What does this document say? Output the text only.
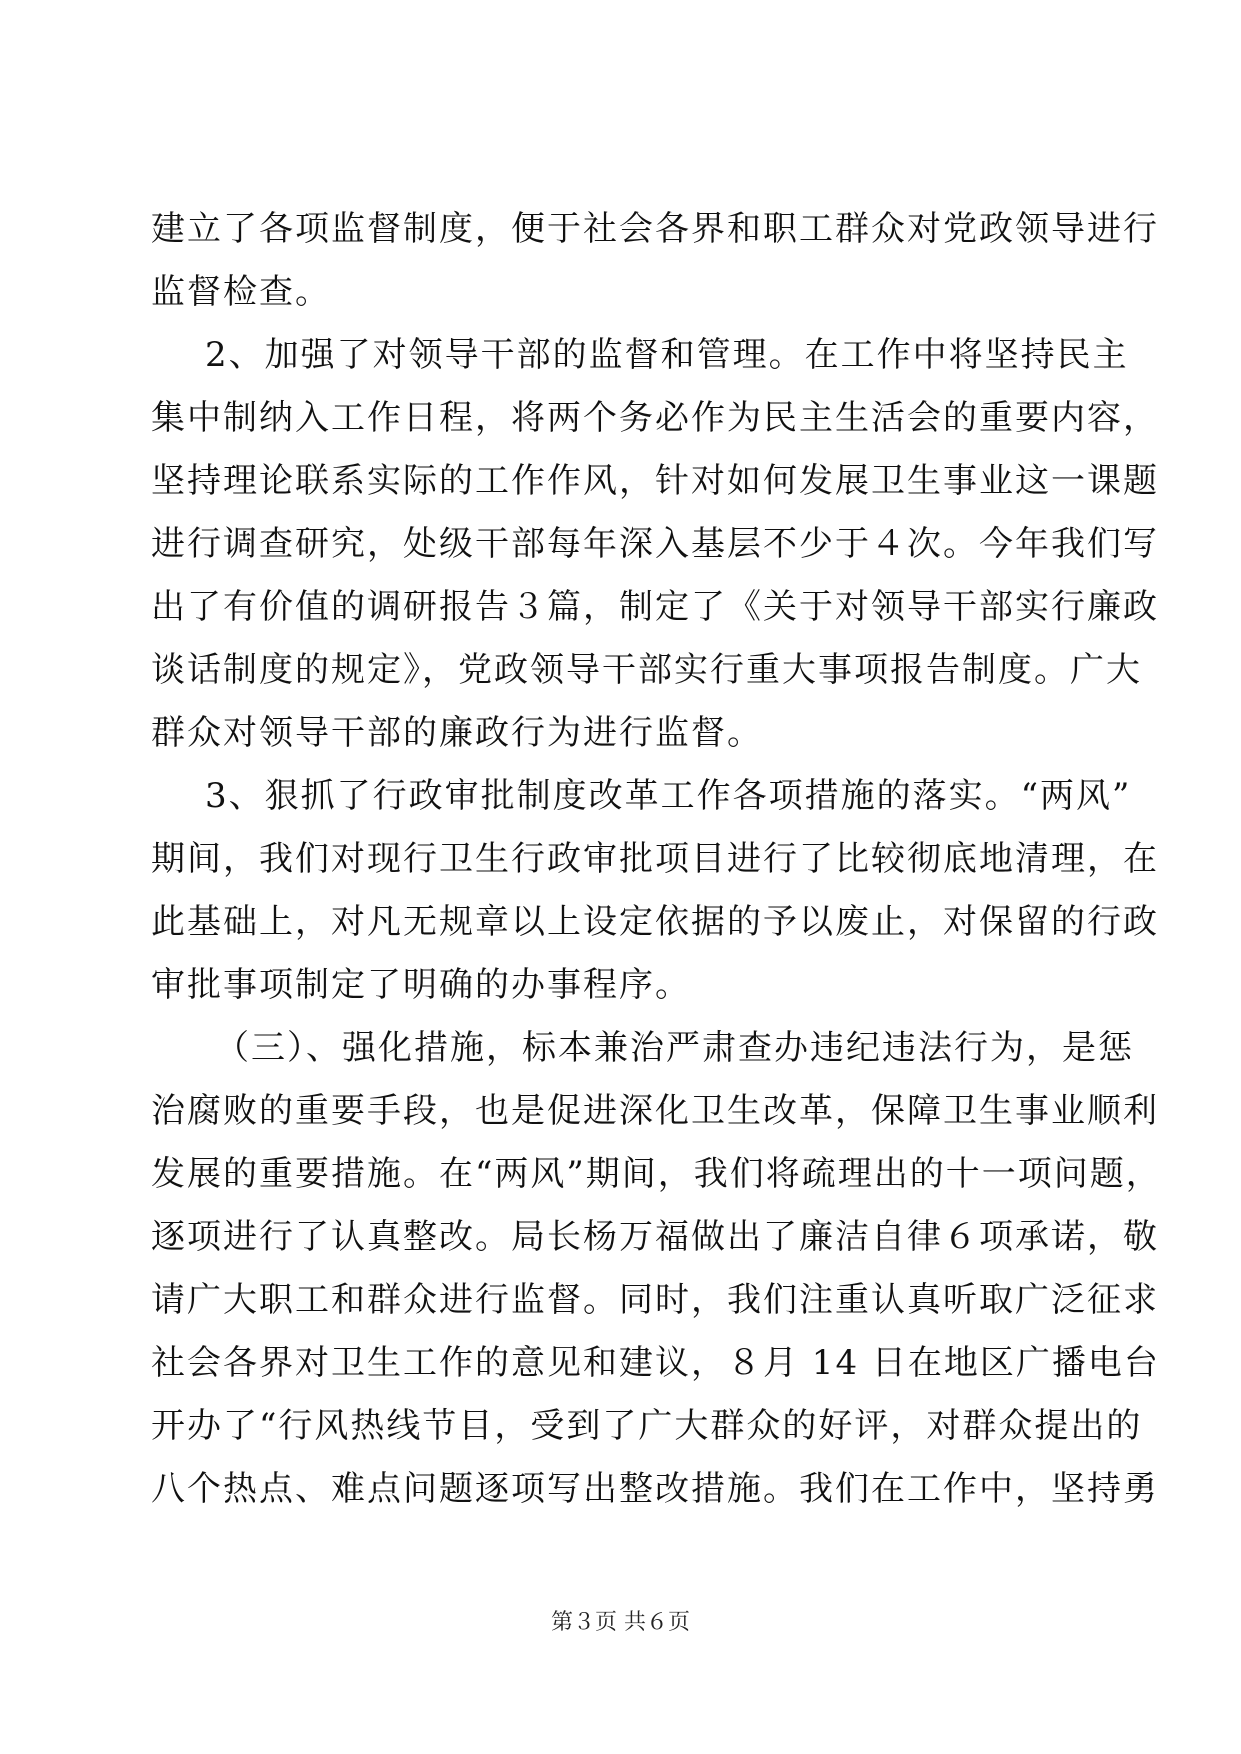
建立了各项监督制度，便于社会各界和职工群众对党政领导进行
监督检查。
2、加强了对领导干部的监督和管理。在工作中将坚持民主
集中制纳入工作日程，将两个务必作为民主生活会的重要内容，
坚持理论联系实际的工作作风，针对如何发展卫生事业这一课题
进行调查研究，处级干部每年深入基层不少于４次。今年我们写
出了有价值的调研报告３篇，制定了《关于对领导干部实行廉政
谈话制度的规定》，党政领导干部实行重大事项报告制度。广大
群众对领导干部的廉政行为进行监督。
3、狠抓了行政审批制度改革工作各项措施的落实。“两风”
期间，我们对现行卫生行政审批项目进行了比较彻底地清理，在
此基础上，对凡无规章以上设定依据的予以废止，对保留的行政
审批事项制定了明确的办事程序。
（三）、强化措施，标本兼治严肃查办违纪违法行为，是惩
治腐败的重要手段，也是促进深化卫生改革，保障卫生事业顺利
发展的重要措施。在“两风”期间，我们将疏理出的十一项问题，
逐项进行了认真整改。局长杨万福做出了廉洁自律６项承诺，敬
请广大职工和群众进行监督。同时，我们注重认真听取广泛征求
社会各界对卫生工作的意见和建议，８月 14 日在地区广播电台
开办了“行风热线节目，受到了广大群众的好评，对群众提出的
八个热点、难点问题逐项写出整改措施。我们在工作中，坚持勇
第３页 共６页
